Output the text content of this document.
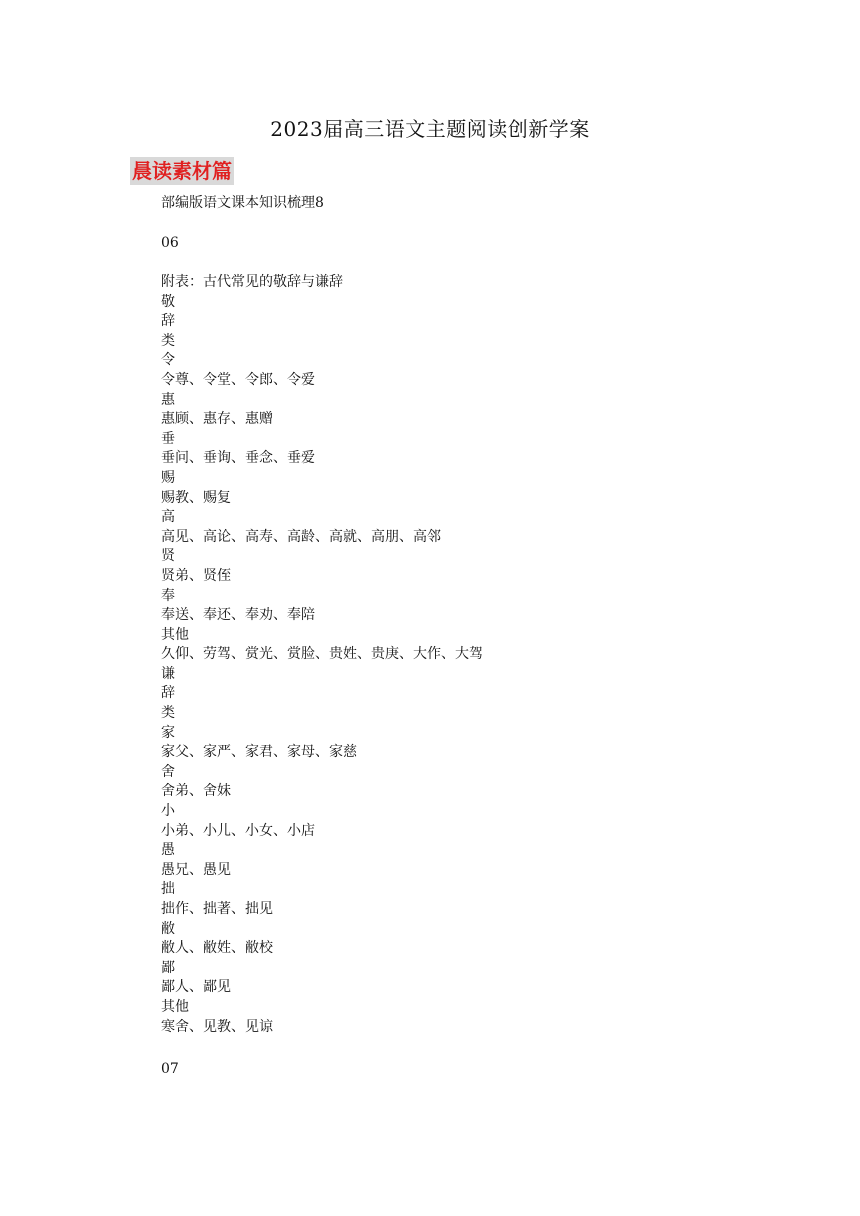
2023届高三语文主题阅读创新学案
晨读素材篇
部编版语文课本知识梳理8
06
附表：古代常见的敬辞与谦辞
敬
辞
类
令
令尊、令堂、令郎、令爱
惠
惠顾、惠存、惠赠
垂
垂问、垂询、垂念、垂爱
赐
赐教、赐复
高
高见、高论、高寿、高龄、高就、高朋、高邻
贤
贤弟、贤侄
奉
奉送、奉还、奉劝、奉陪
其他
久仰、劳驾、赏光、赏脸、贵姓、贵庚、大作、大驾
谦
辞
类
家
家父、家严、家君、家母、家慈
舍
舍弟、舍妹
小
小弟、小儿、小女、小店
愚
愚兄、愚见
拙
拙作、拙著、拙见
敝
敝人、敝姓、敝校
鄙
鄙人、鄙见
其他
寒舍、见教、见谅
07
